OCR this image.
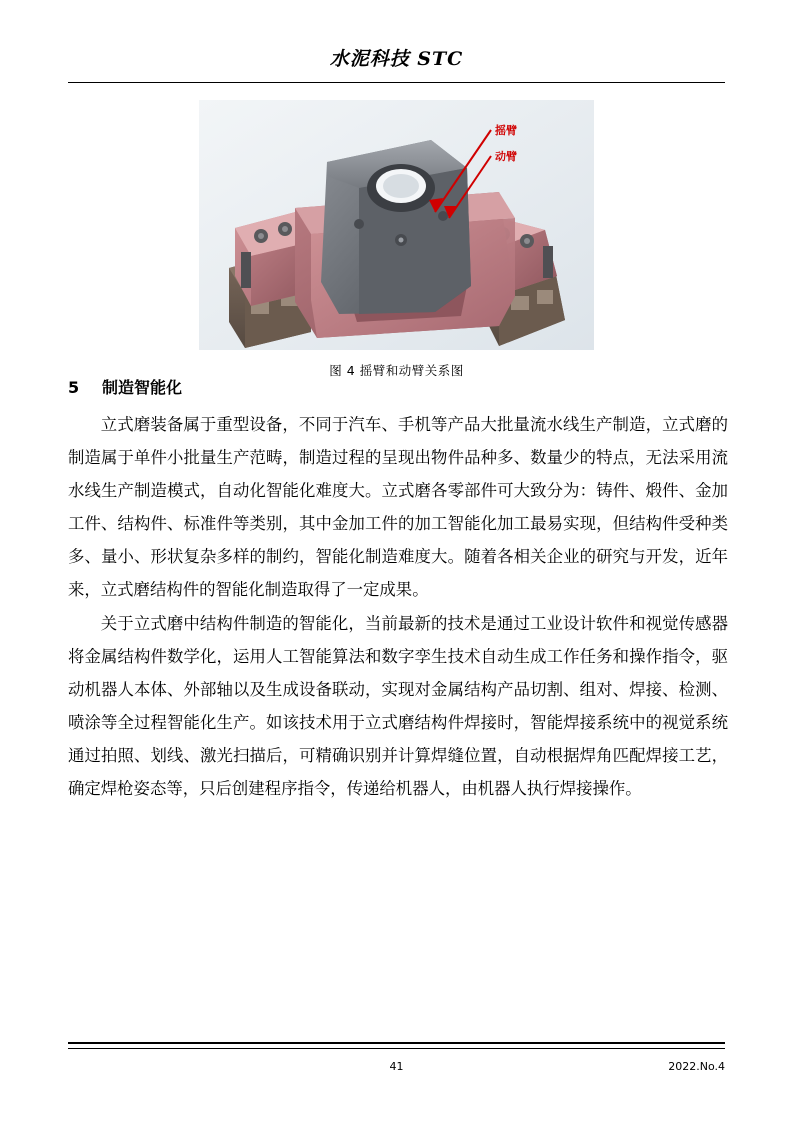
水泥科技 STC
摇臂
动臂
图 4 摇臂和动臂关系图
5 制造智能化

立式磨装备属于重型设备，不同于汽车、手机等产品大批量流水线生产制造，立式磨的制造属于单件小批量生产范畴，制造过程的呈现出物件品种多、数量少的特点，无法采用流水线生产制造模式，自动化智能化难度大。立式磨各零部件可大致分为：铸件、煅件、金加工件、结构件、标准件等类别，其中金加工件的加工智能化加工最易实现，但结构件受种类多、量小、形状复杂多样的制约，智能化制造难度大。随着各相关企业的研究与开发，近年来，立式磨结构件的智能化制造取得了一定成果。

关于立式磨中结构件制造的智能化，当前最新的技术是通过工业设计软件和视觉传感器将金属结构件数学化，运用人工智能算法和数字孪生技术自动生成工作任务和操作指令，驱动机器人本体、外部轴以及生成设备联动，实现对金属结构产品切割、组对、焊接、检测、喷涂等全过程智能化生产。如该技术用于立式磨结构件焊接时，智能焊接系统中的视觉系统通过拍照、划线、激光扫描后，可精确识别并计算焊缝位置，自动根据焊角匹配焊接工艺，确定焊枪姿态等，只后创建程序指令，传递给机器人，由机器人执行焊接操作。

41	2022.No.4
